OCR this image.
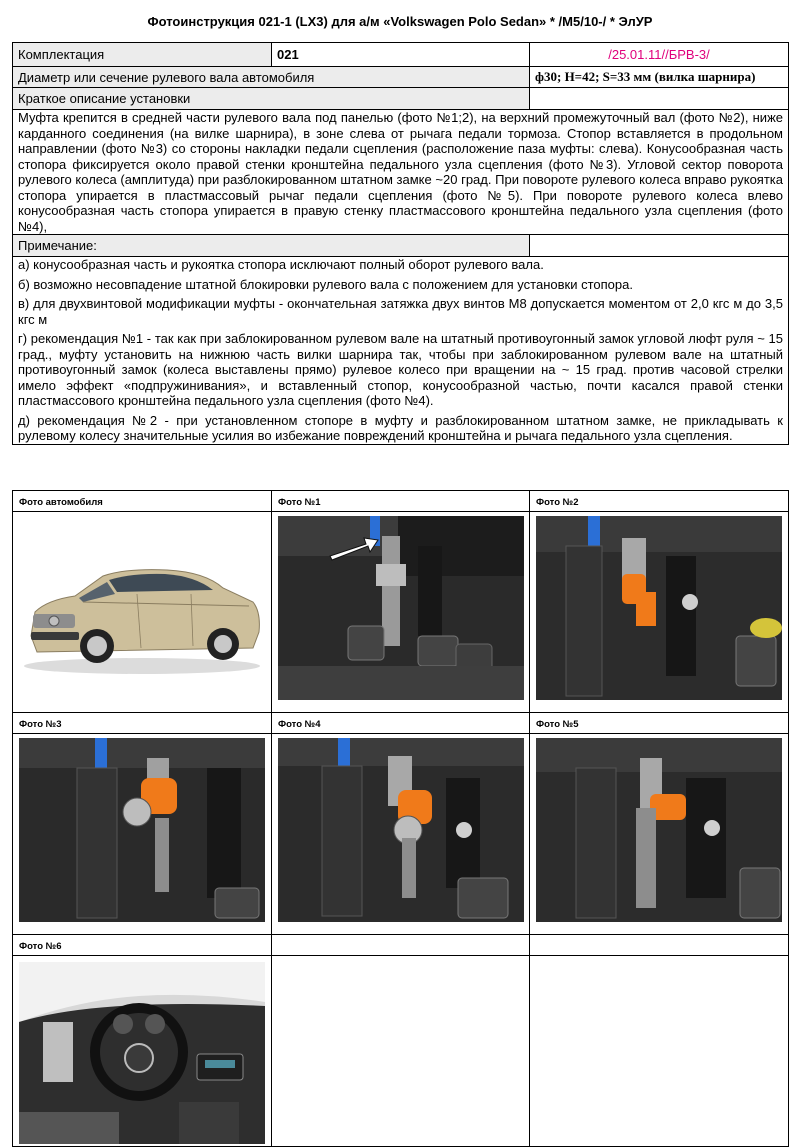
Фотоинструкция 021-1 (LX3) для а/м «Volkswagen Polo Sedan» * /M5/10-/ * ЭлУР
Комплектация	021	/25.01.11//БРВ-3/
Диаметр или сечение рулевого вала автомобиля		ф30; H=42; S=33 мм (вилка шарнира)
Краткое описание установки		
Муфта крепится в средней части рулевого вала под панелью (фото №1;2), на верхний промежуточный вал (фото №2), ниже карданного соединения (на вилке шарнира), в зоне слева от рычага педали тормоза. Стопор вставляется в продольном направлении (фото №3) со стороны накладки педали сцепления (расположение паза муфты: слева). Конусообразная часть стопора фиксируется около правой стенки кронштейна педального узла сцепления (фото №3). Угловой сектор поворота рулевого колеса (амплитуда) при разблокированном штатном замке ~20 град. При повороте рулевого колеса вправо рукоятка стопора упирается в пластмассовый рычаг педали сцепления (фото №5). При повороте рулевого колеса влево конусообразная часть стопора упирается в правую стенку пластмассового кронштейна педального узла сцепления (фото №4),		
Примечание:		

а) конусообразная часть и рукоятка стопора исключают полный оборот рулевого вала.

б) возможно несовпадение штатной блокировки рулевого вала с положением для установки стопора.

в) для двухвинтовой модификации муфты - окончательная затяжка двух винтов М8 допускается моментом от 2,0 кгс м до 3,5 кгс м

г) рекомендация №1 - так как при заблокированном рулевом вале на штатный противоугонный замок угловой люфт руля ~ 15 град., муфту установить на нижнюю часть вилки шарнира так, чтобы при заблокированном рулевом вале на штатный противоугонный замок (колеса выставлены прямо) рулевое колесо при вращении на ~ 15 град. против часовой стрелки имело эффект «подпружинивания», и вставленный стопор, конусообразной частью, почти касался правой стенки пластмассового кронштейна педального узла сцепления (фото №4).

д) рекомендация №2 - при установленном стопоре в муфту и разблокированном штатном замке, не прикладывать к рулевому колесу значительные усилия во избежание повреждений кронштейна и рычага педального узла сцепления.		

Фото автомобиля	Фото №1	Фото №2

Фото №3	Фото №4	Фото №5

Фото №6		
